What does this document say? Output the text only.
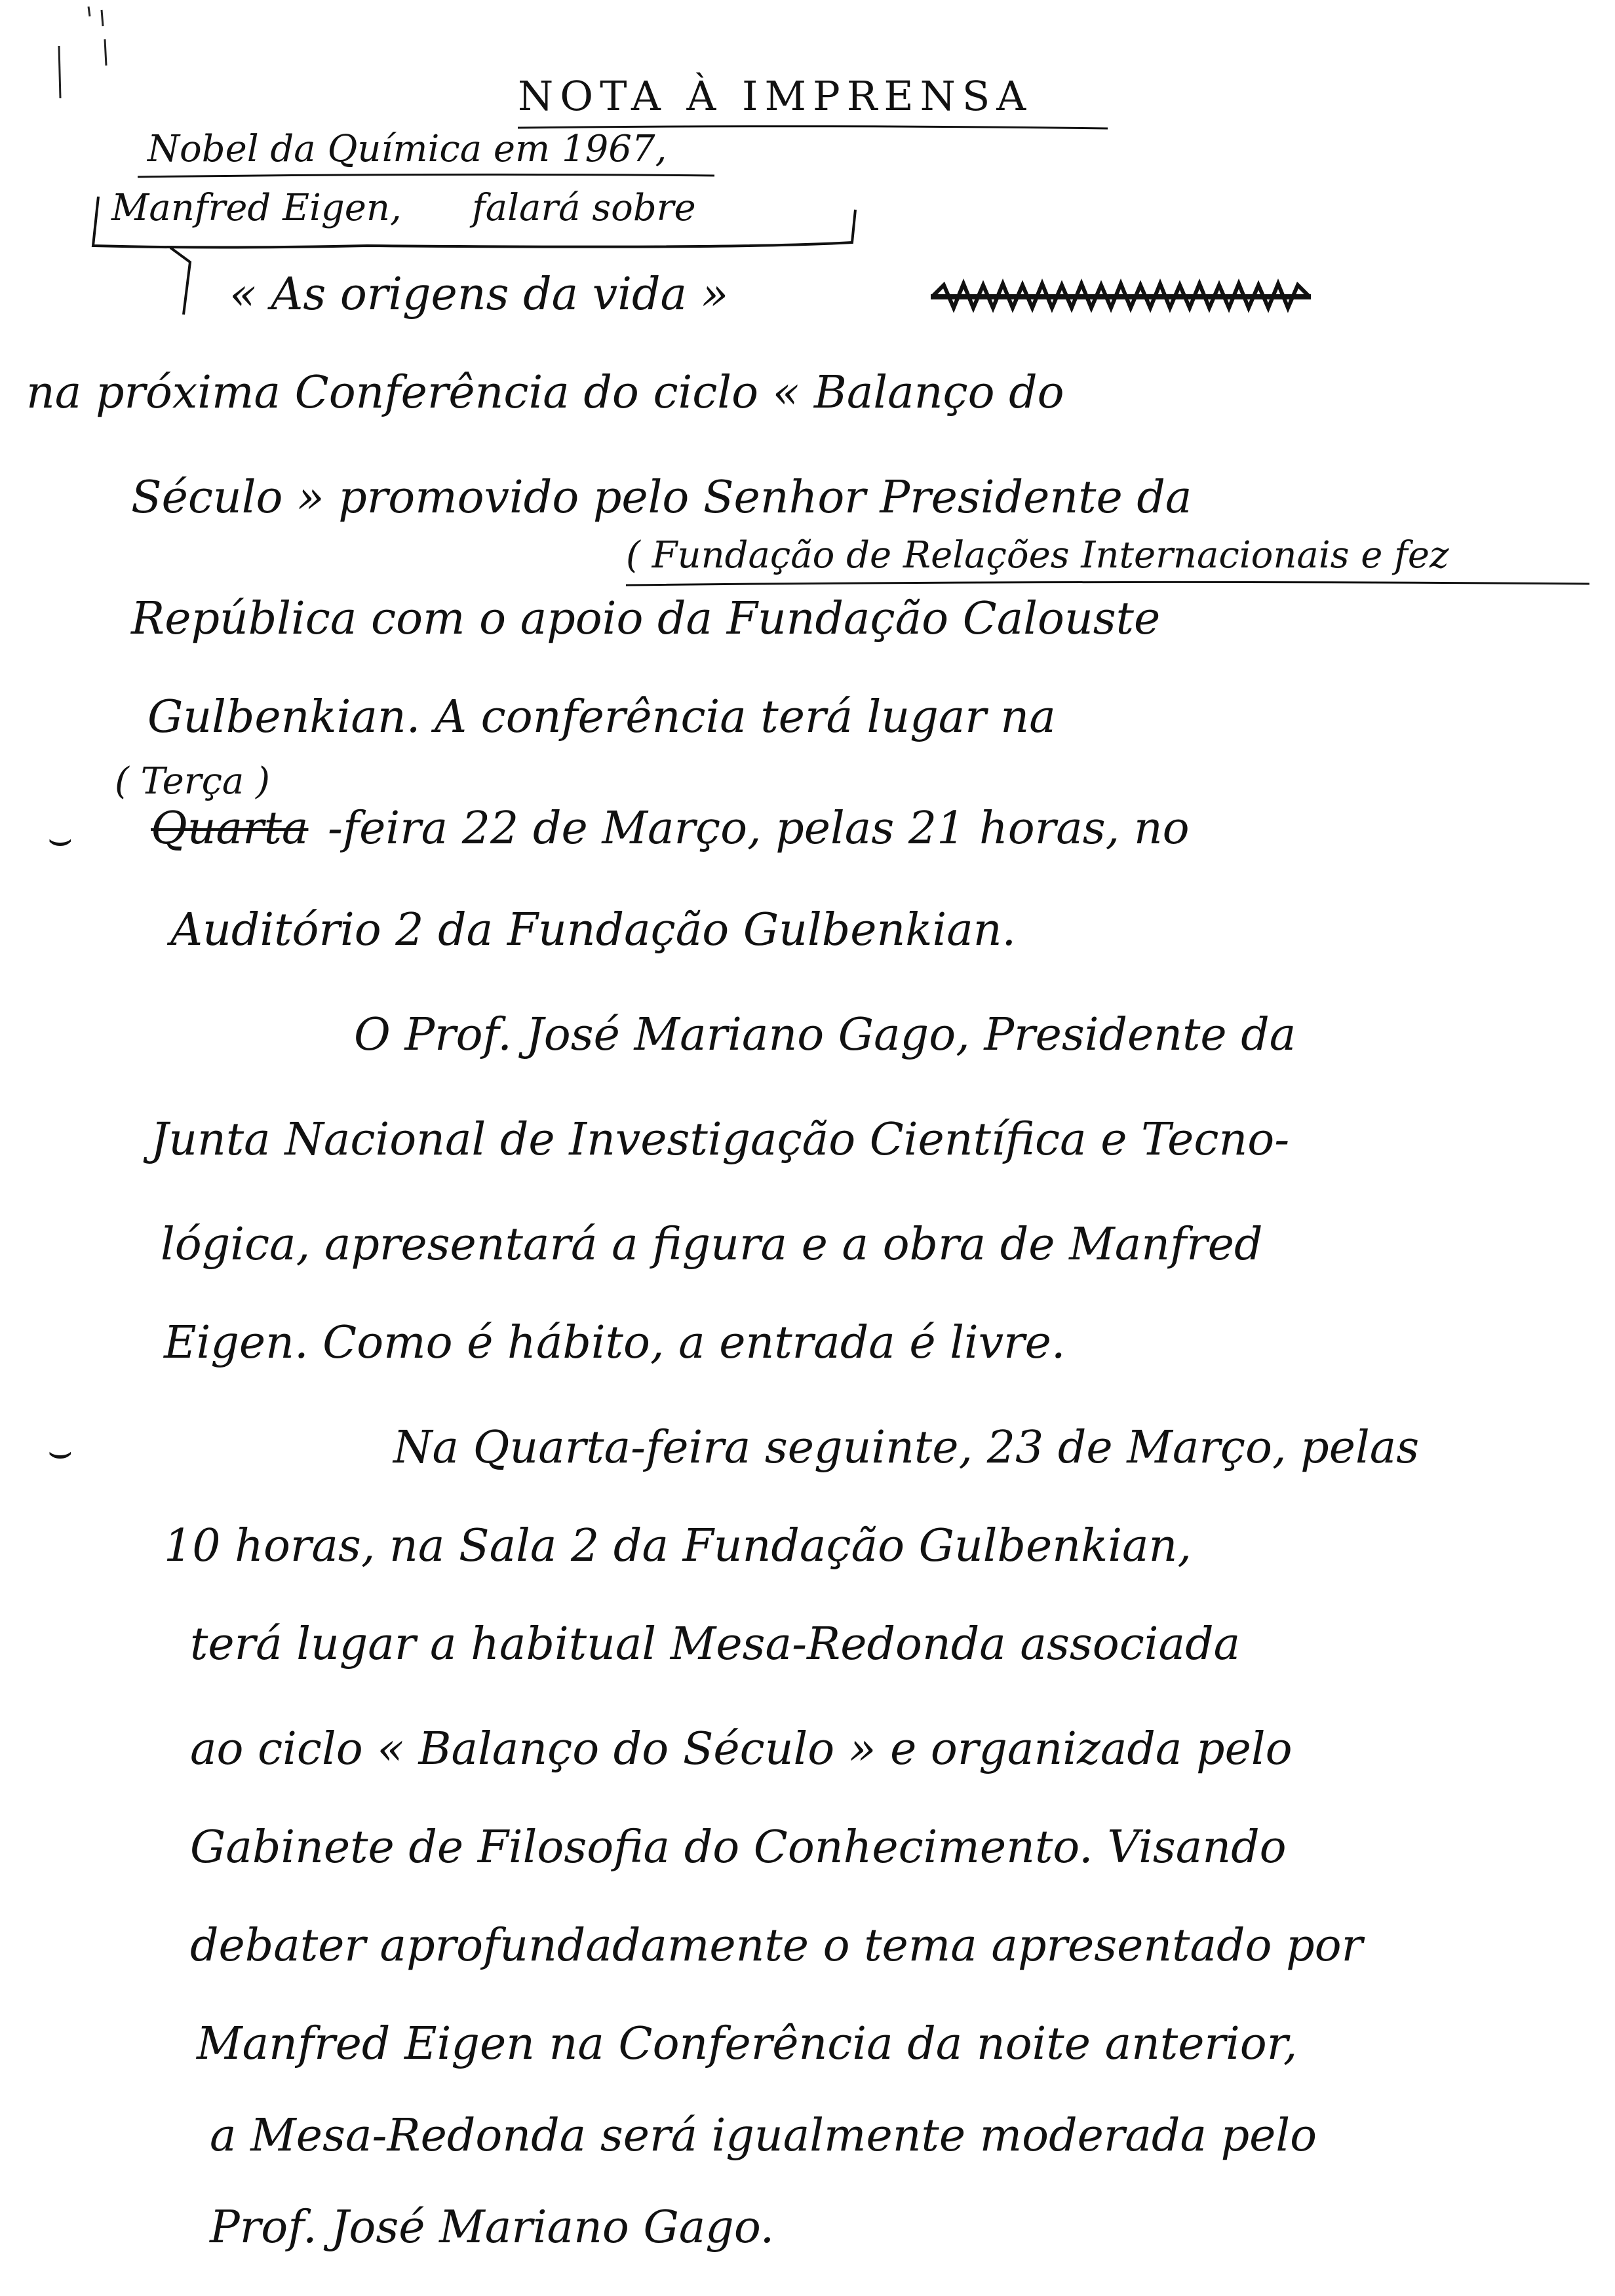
NOTA À IMPRENSA
Nobel da Química em 1967,
Manfred Eigen, falará sobre
« As origens da vida »
na próxima Conferência do ciclo « Balanço do
Século » promovido pelo Senhor Presidente da
( Fundação de Relações Internacionais e fez
República com o apoio da Fundação Calouste
Gulbenkian. A conferência terá lugar na
⌣
( Terça )
Quarta -feira 22 de Março, pelas 21 horas, no
Auditório 2 da Fundação Gulbenkian.
O Prof. José Mariano Gago, Presidente da
Junta Nacional de Investigação Científica e Tecno-
lógica, apresentará a figura e a obra de Manfred
Eigen. Como é hábito, a entrada é livre.
⌣	Na Quarta-feira seguinte, 23 de Março, pelas
10 horas, na Sala 2 da Fundação Gulbenkian,
terá lugar a habitual Mesa-Redonda associada
ao ciclo « Balanço do Século » e organizada pelo
Gabinete de Filosofia do Conhecimento. Visando
debater aprofundadamente o tema apresentado por
Manfred Eigen na Conferência da noite anterior,
a Mesa-Redonda será igualmente moderada pelo
Prof. José Mariano Gago.
